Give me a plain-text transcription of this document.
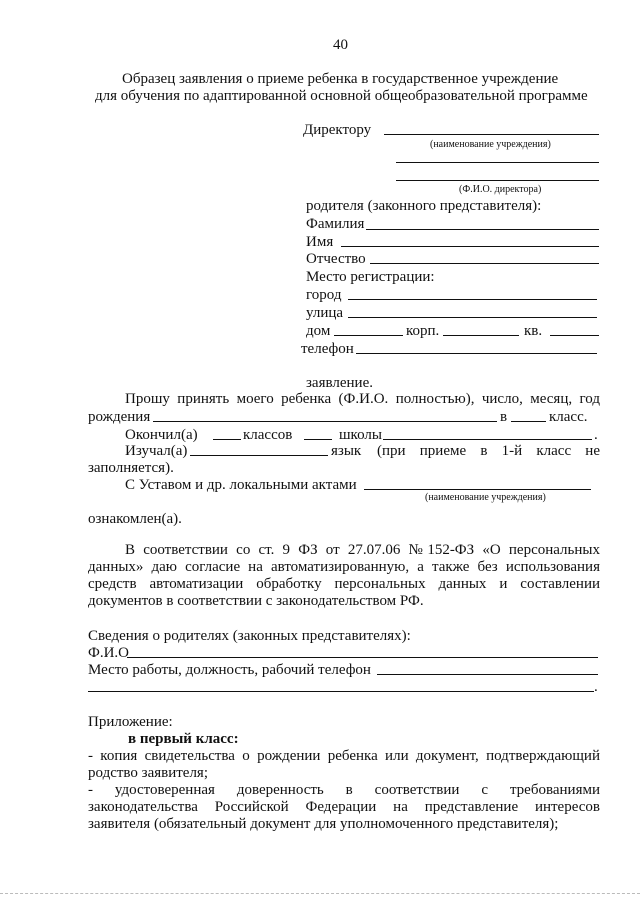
40
Образец заявления о приеме ребенка в государственное учреждение
для обучения по адаптированной основной общеобразовательной программе
Директору
(наименование учреждения)
(Ф.И.О. директора)
родителя (законного представителя):
Фамилия
Имя
Отчество
Место регистрации:
город
улица
дом	корп.	кв.
телефон
заявление.
Прошу принять моего ребенка (Ф.И.О. полностью), число, месяц, год
рождения	в	класс.
Окончил(а)	классов	школы	.
Изучал(а)	язык (при приеме в 1-й класс не
заполняется).
С Уставом и др. локальными актами
(наименование учреждения)
ознакомлен(а).
В соответствии со ст. 9 ФЗ от 27.07.06 №152-ФЗ «О персональных
данных» даю согласие на автоматизированную, а также без использования
средств автоматизации обработку персональных данных и составлении
документов в соответствии с законодательством РФ.
Сведения о родителях (законных представителях):
Ф.И.О
Место работы, должность, рабочий телефон
.
Приложение:
в первый класс:
- копия свидетельства о рождении ребенка или документ, подтверждающий
родство заявителя;
- удостоверенная доверенность в соответствии с требованиями
законодательства Российской Федерации на представление интересов
заявителя (обязательный документ для уполномоченного представителя);
